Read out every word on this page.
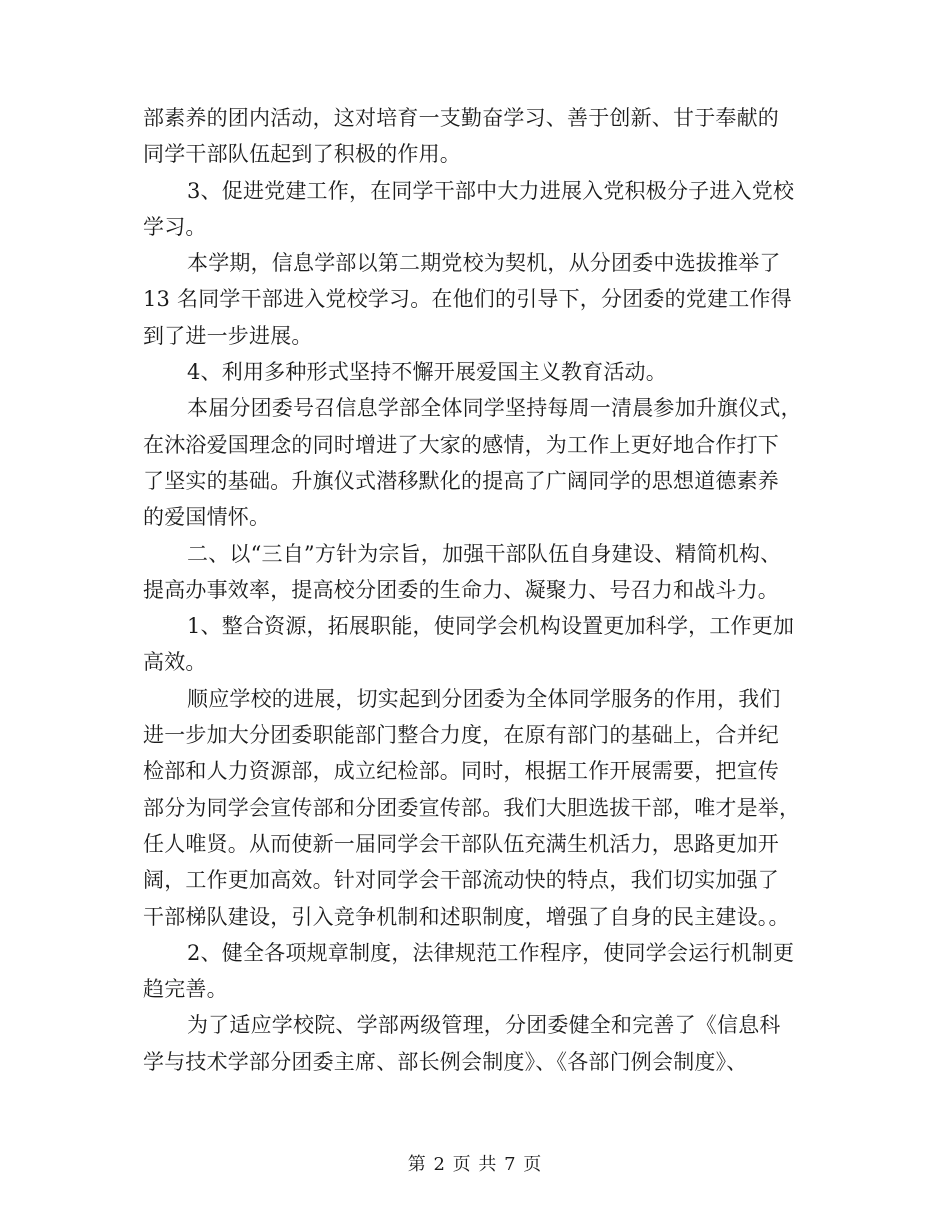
部素养的团内活动，这对培育一支勤奋学习、善于创新、甘于奉献的
同学干部队伍起到了积极的作用。
3、促进党建工作，在同学干部中大力进展入党积极分子进入党校
学习。
本学期，信息学部以第二期党校为契机，从分团委中选拔推举了
13 名同学干部进入党校学习。在他们的引导下，分团委的党建工作得
到了进一步进展。
4、利用多种形式坚持不懈开展爱国主义教育活动。
本届分团委号召信息学部全体同学坚持每周一清晨参加升旗仪式，
在沐浴爱国理念的同时增进了大家的感情，为工作上更好地合作打下
了坚实的基础。升旗仪式潜移默化的提高了广阔同学的思想道德素养
的爱国情怀。
二、以“三自”方针为宗旨，加强干部队伍自身建设、精简机构、
提高办事效率，提高校分团委的生命力、凝聚力、号召力和战斗力。
1、整合资源，拓展职能，使同学会机构设置更加科学，工作更加
高效。
顺应学校的进展，切实起到分团委为全体同学服务的作用，我们
进一步加大分团委职能部门整合力度，在原有部门的基础上，合并纪
检部和人力资源部，成立纪检部。同时，根据工作开展需要，把宣传
部分为同学会宣传部和分团委宣传部。我们大胆选拔干部，唯才是举，
任人唯贤。从而使新一届同学会干部队伍充满生机活力，思路更加开
阔，工作更加高效。针对同学会干部流动快的特点，我们切实加强了
干部梯队建设，引入竞争机制和述职制度，增强了自身的民主建设。。
2、健全各项规章制度，法律规范工作程序，使同学会运行机制更
趋完善。
为了适应学校院、学部两级管理，分团委健全和完善了《信息科
学与技术学部分团委主席、部长例会制度》、《各部门例会制度》、
第 2 页 共 7 页
